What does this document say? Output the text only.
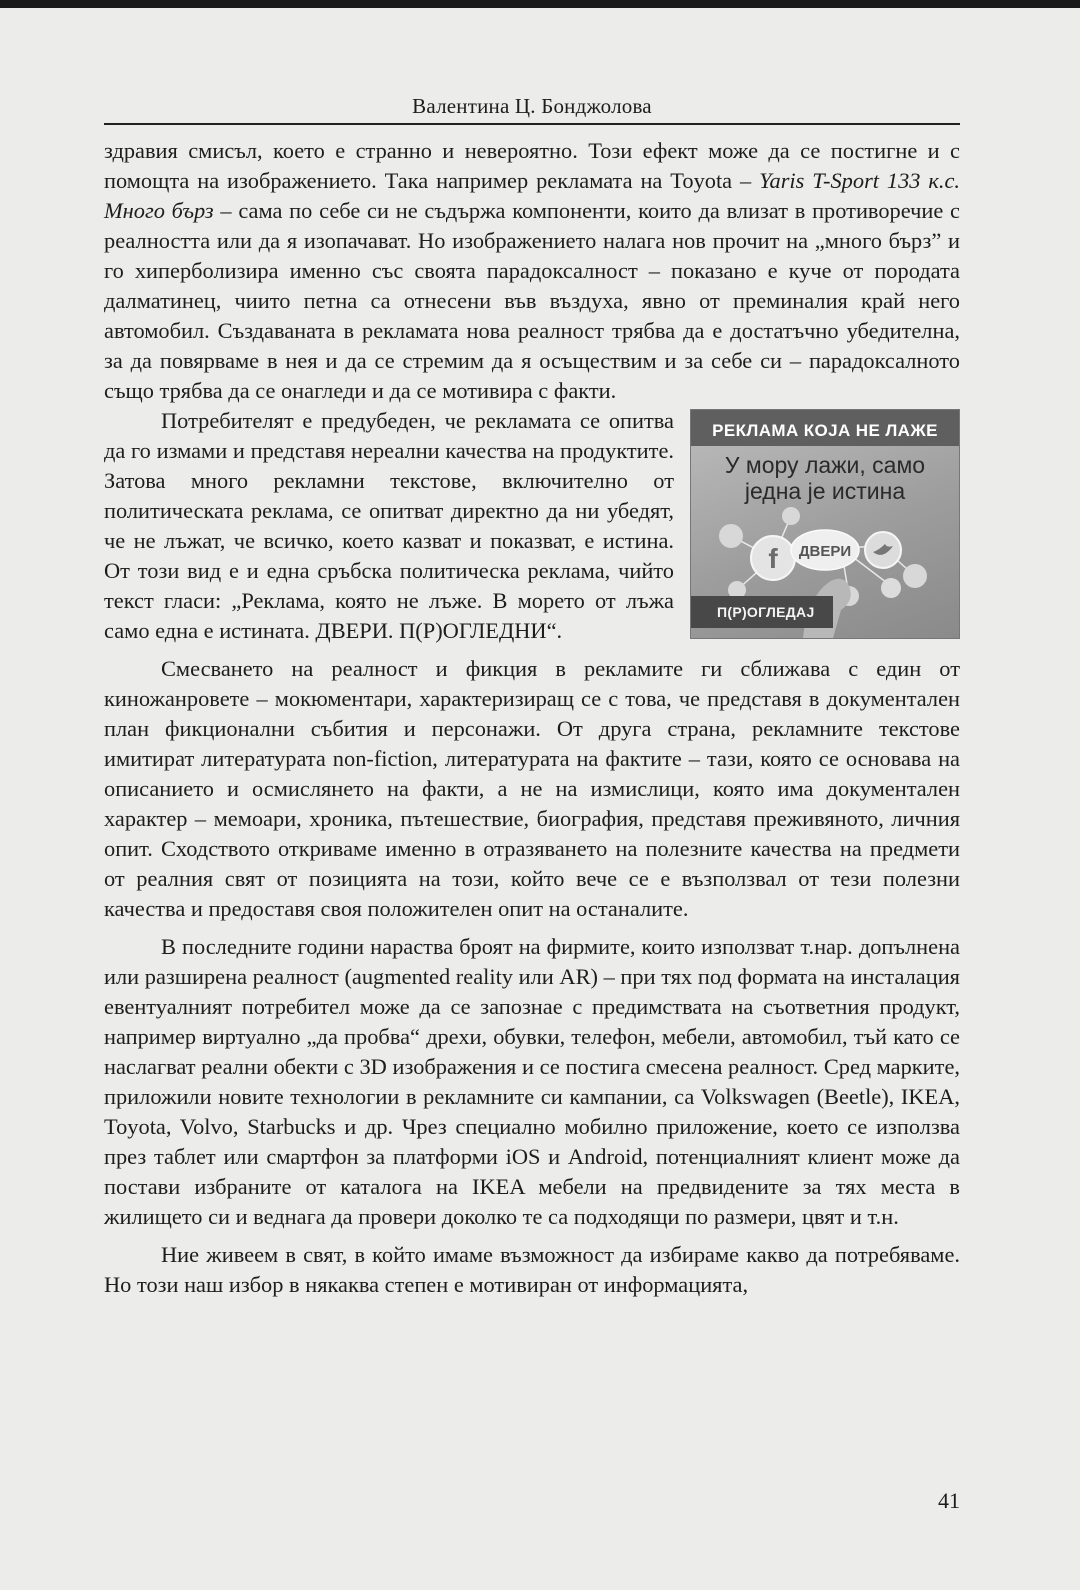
Валентина Ц. Бонджолова

здравия смисъл, което е странно и невероятно. Този ефект може да се постигне и с помощта на изображението. Така например рекламата на Toyota – Yaris T-Sport 133 к.с. Много бърз – сама по себе си не съдържа компоненти, които да влизат в противоречие с реалността или да я изопачават. Но изображението налага нов прочит на „много бърз” и го хиперболизира именно със своята парадоксалност – показано е куче от породата далматинец, чиито петна са отнесени във въздуха, явно от преминалия край него автомобил. Създаваната в рекламата нова реалност трябва да е достатъчно убедителна, за да повярваме в нея и да се стремим да я осъществим и за себе си – парадоксалното също трябва да се онагледи и да се мотивира с факти.

РЕКЛАМА КОЈА НЕ ЛАЖЕ
У мору лажи, само
једна је истина
f ДВЕРИ
П(Р)ОГЛЕДАЈ

Потребителят е предубеден, че рекламата се опитва да го измами и представя нереални качества на продуктите. Затова много рекламни текстове, включително от политическата реклама, се опитват директно да ни убедят, че не лъжат, че всичко, което казват и показват, е истина. От този вид е и една сръбска политическа реклама, чийто текст гласи: „Реклама, която не лъже. В морето от лъжа само една е истината. ДВЕРИ. П(Р)ОГЛЕДНИ“.

Смесването на реалност и фикция в рекламите ги сближава с един от киножанровете – мокюментари, характеризиращ се с това, че представя в документален план фикционални събития и персонажи. От друга страна, рекламните текстове имитират литературата non-fiction, литературата на фактите – тази, която се основава на описанието и осмислянето на факти, а не на измислици, която има документален характер – мемоари, хроника, пътешествие, биография, представя преживяното, личния опит. Сходството откриваме именно в отразяването на полезните качества на предмети от реалния свят от позицията на този, който вече се е възползвал от тези полезни качества и предоставя своя положителен опит на останалите.

В последните години нараства броят на фирмите, които използват т.нар. допълнена или разширена реалност (augmented reality или AR) – при тях под формата на инсталация евентуалният потребител може да се запознае с предимствата на съответния продукт, например виртуално „да пробва“ дрехи, обувки, телефон, мебели, автомобил, тъй като се наслагват реални обекти с 3D изображения и се постига смесена реалност. Сред марките, приложили новите технологии в рекламните си кампании, са Volkswagen (Beetle), IKEA, Toyota, Volvo, Starbucks и др. Чрез специално мобилно приложение, което се използва през таблет или смартфон за платформи iOS и Android, потенциалният клиент може да постави избраните от каталога на IKEA мебели на предвидените за тях места в жилището си и веднага да провери доколко те са подходящи по размери, цвят и т.н.

Ние живеем в свят, в който имаме възможност да избираме какво да потребяваме. Но този наш избор в някаква степен е мотивиран от информацията,

41
